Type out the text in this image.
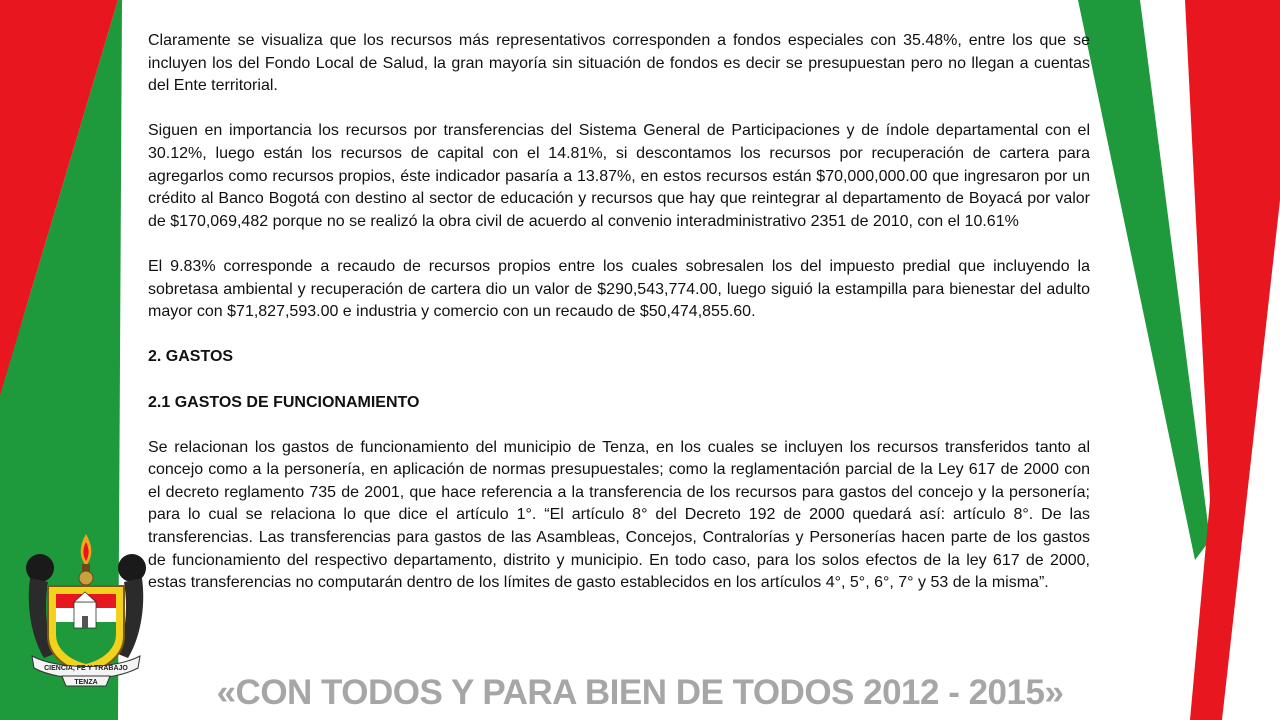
Claramente se visualiza que los recursos más representativos corresponden a fondos especiales con 35.48%, entre los que se incluyen los del Fondo Local de Salud, la gran mayoría sin situación de fondos es decir se presupuestan pero no llegan a cuentas del Ente territorial.

Siguen en importancia los recursos por transferencias del Sistema General de Participaciones y de índole departamental con el 30.12%, luego están los recursos de capital con el 14.81%, si descontamos los recursos por recuperación de cartera para agregarlos como recursos propios, éste indicador pasaría a 13.87%, en estos recursos están $70,000,000.00 que ingresaron por un crédito al Banco Bogotá con destino al sector de educación y recursos que hay que reintegrar al departamento de Boyacá por valor de $170,069,482 porque no se realizó la obra civil de acuerdo al convenio interadministrativo 2351 de 2010, con el 10.61%

El 9.83% corresponde a recaudo de recursos propios entre los cuales sobresalen los del impuesto predial que incluyendo la sobretasa ambiental y recuperación de cartera dio un valor de $290,543,774.00, luego siguió la estampilla para bienestar del adulto mayor con $71,827,593.00 e industria y comercio con un recaudo de $50,474,855.60.

2. GASTOS

2.1 GASTOS DE FUNCIONAMIENTO

Se relacionan los gastos de funcionamiento del municipio de Tenza, en los cuales se incluyen los recursos transferidos tanto al concejo como a la personería, en aplicación de normas presupuestales; como la reglamentación parcial de la Ley 617 de 2000 con el decreto reglamento 735 de 2001, que hace referencia a la transferencia de los recursos para gastos del concejo y la personería; para lo cual se relaciona lo que dice el artículo 1°. “El artículo 8° del Decreto 192 de 2000 quedará así: artículo 8°. De las transferencias. Las transferencias para gastos de las Asambleas, Concejos, Contralorías y Personerías hacen parte de los gastos de funcionamiento del respectivo departamento, distrito y municipio. En todo caso, para los solos efectos de la ley 617 de 2000, estas transferencias no computarán dentro de los límites de gasto establecidos en los artículos 4°, 5°, 6°, 7° y 53 de la misma”.

CIENCIA, FE Y TRABAJO
TENZA	«CON TODOS Y PARA BIEN DE TODOS 2012 - 2015»
